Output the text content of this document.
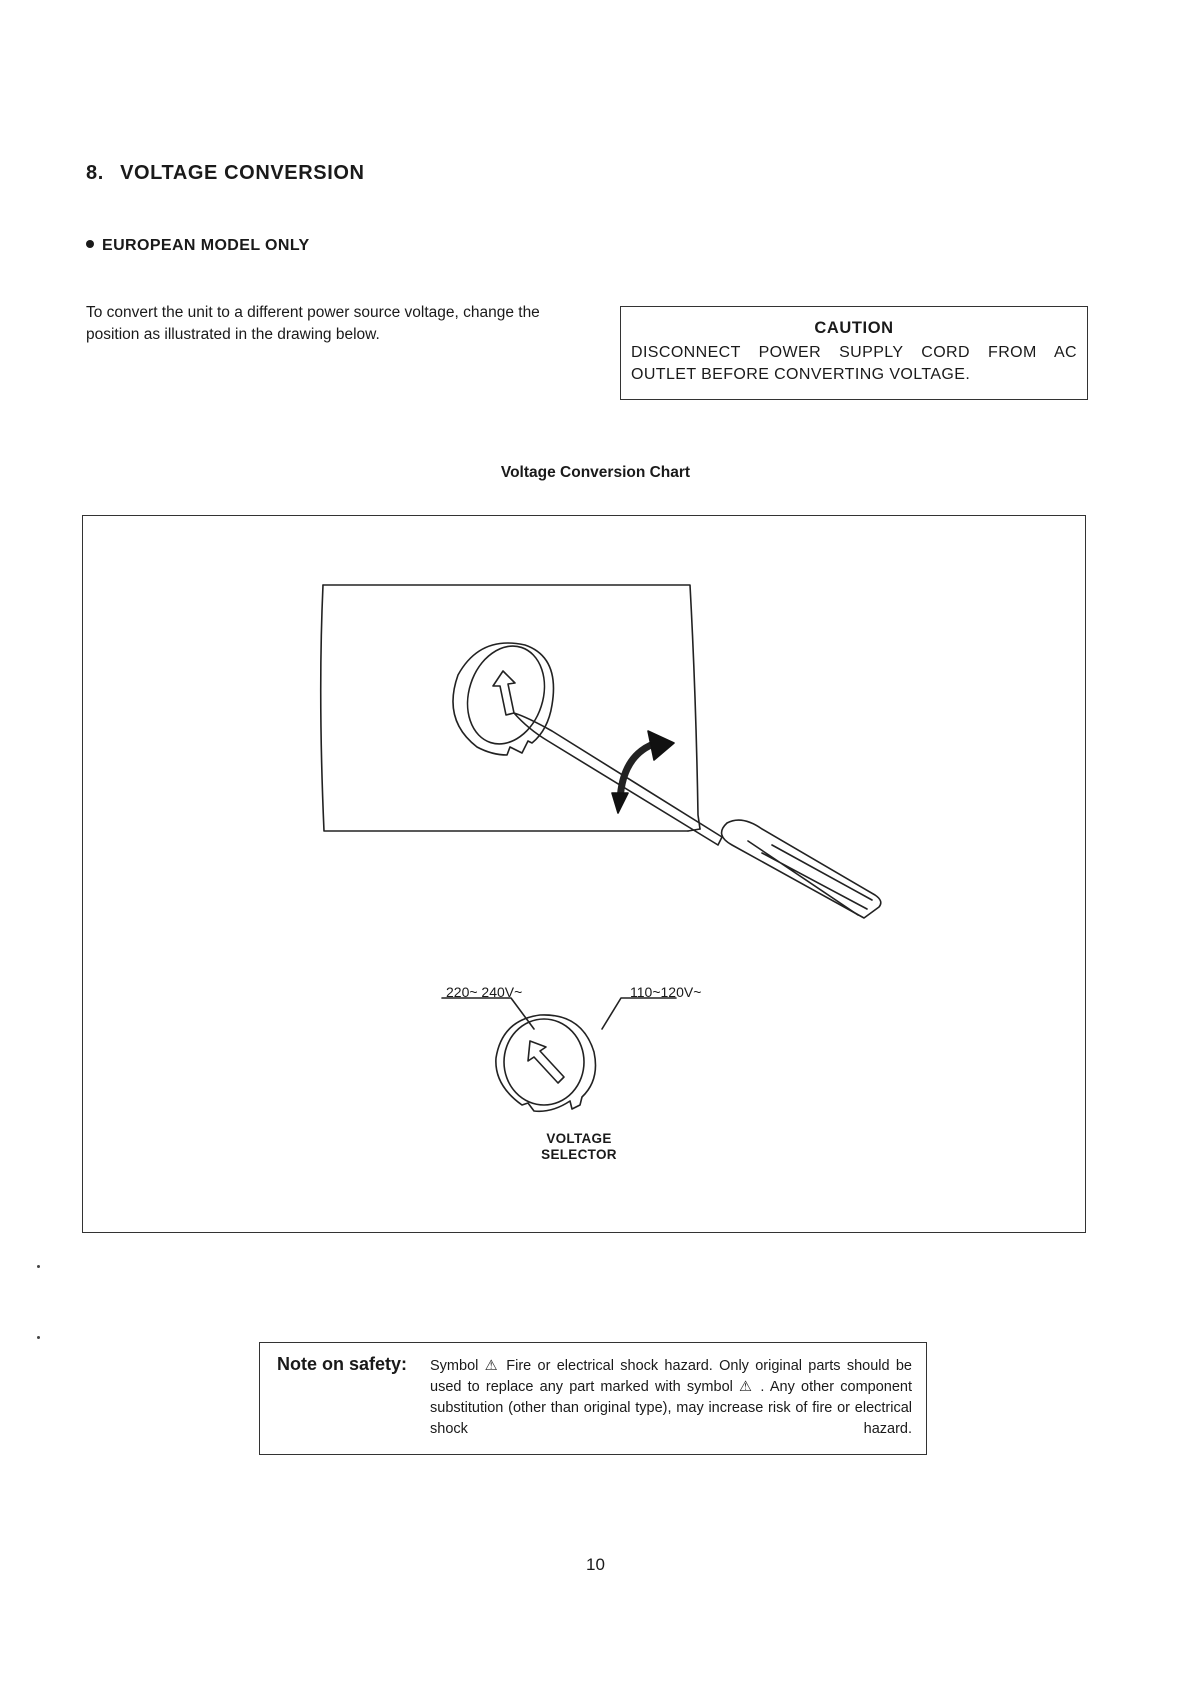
8. VOLTAGE CONVERSION
EUROPEAN MODEL ONLY
To convert the unit to a different power source voltage, change the position as illustrated in the drawing below.	CAUTION
DISCONNECT POWER SUPPLY CORD FROM AC OUTLET BEFORE CONVERTING VOLTAGE.
Voltage Conversion Chart
220~ 240V~	110~120V~
VOLTAGE
SELECTOR
Note on safety: Symbol ⚠ Fire or electrical shock hazard. Only original parts should be used to replace any part marked with symbol ⚠ . Any other component substitution (other than original type), may increase risk of fire or electrical shock hazard.
10
